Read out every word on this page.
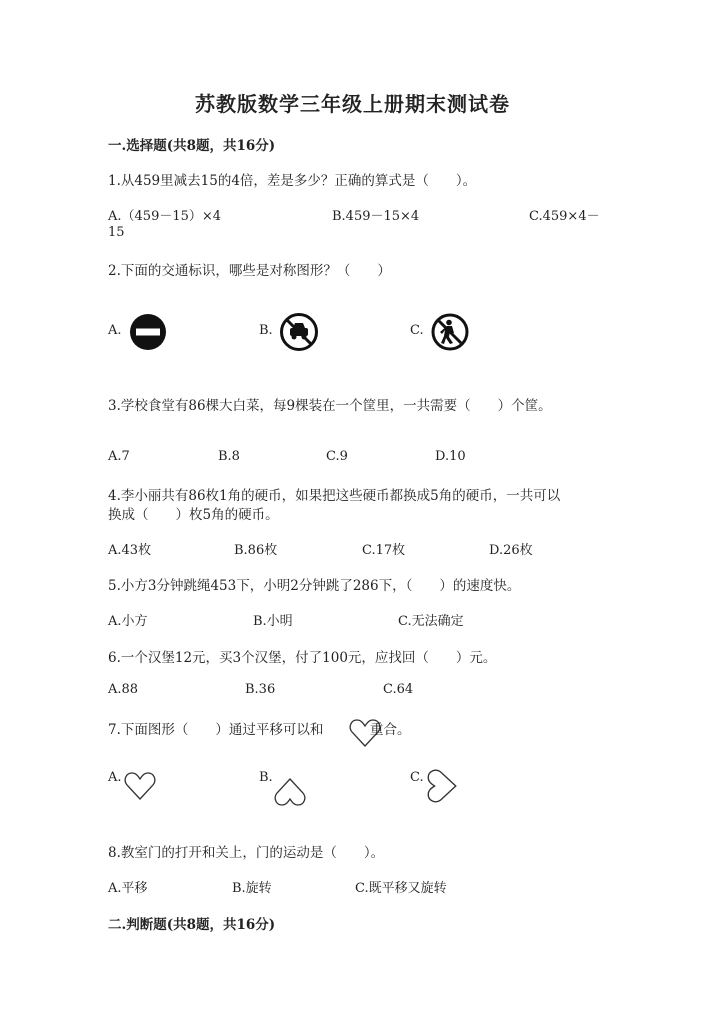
苏教版数学三年级上册期末测试卷
一.选择题(共8题，共16分)
1.从459里减去15的4倍，差是多少？正确的算式是（　　）。
A.（459－15）×4	B.459－15×4	C.459×4－
15
2.下面的交通标识，哪些是对称图形？（　　）
A.	B.	C.
3.学校食堂有86棵大白菜，每9棵装在一个筐里，一共需要（　　）个筐。
A.7	B.8	C.9	D.10
4.李小丽共有86枚1角的硬币，如果把这些硬币都换成5角的硬币，一共可以
换成（　　）枚5角的硬币。
A.43枚	B.86枚	C.17枚	D.26枚
5.小方3分钟跳绳453下，小明2分钟跳了286下，（　　）的速度快。
A.小方	B.小明	C.无法确定
6.一个汉堡12元，买3个汉堡，付了100元，应找回（　　）元。
A.88	B.36	C.64
7.下面图形（　　）通过平移可以和	重合。
A.	B.	C.
8.教室门的打开和关上，门的运动是（　　）。
A.平移	B.旋转	C.既平移又旋转
二.判断题(共8题，共16分)
